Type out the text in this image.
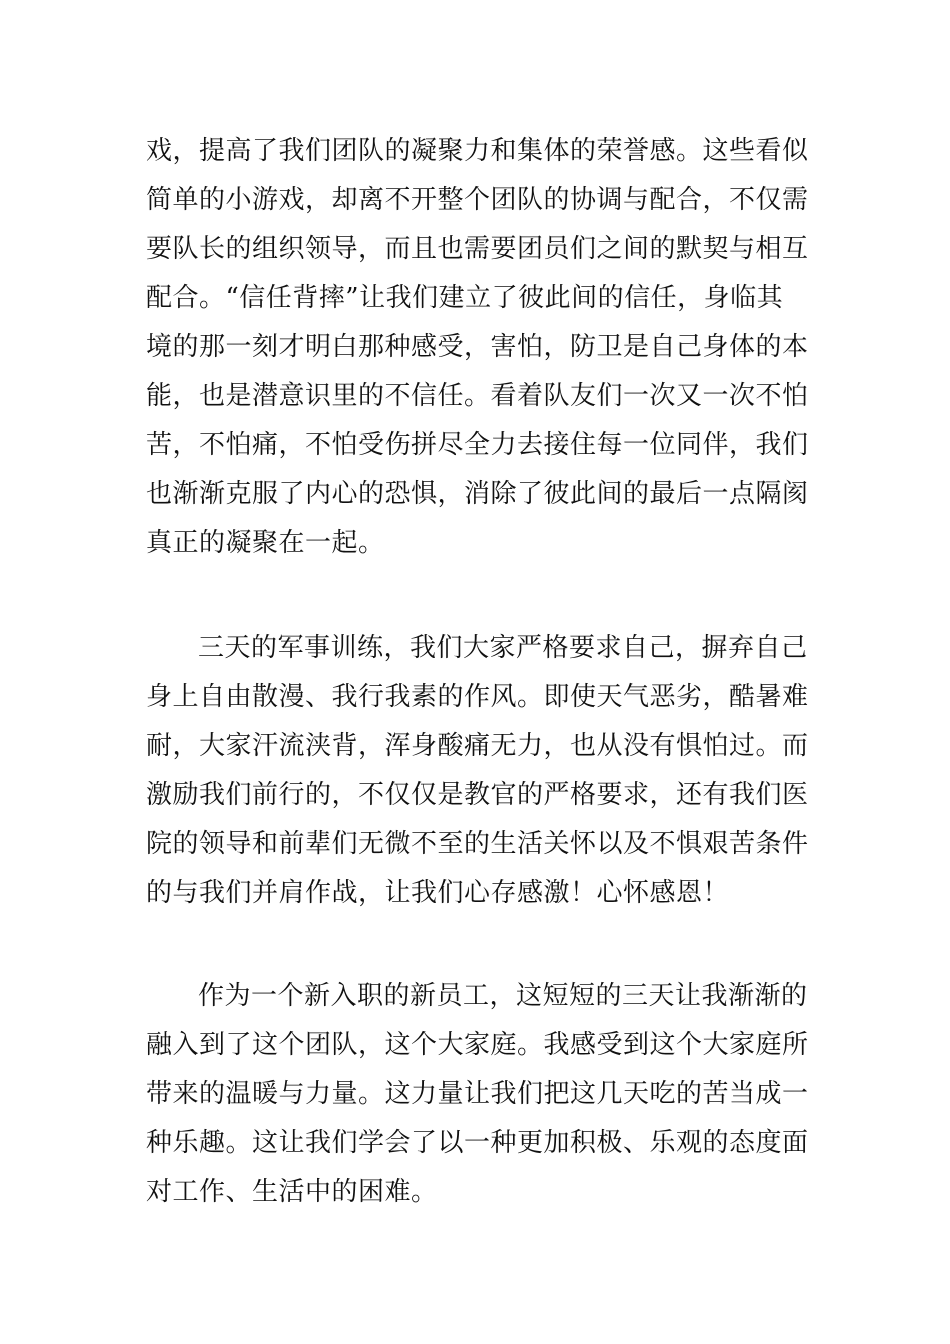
戏，提高了我们团队的凝聚力和集体的荣誉感。这些看似
简单的小游戏，却离不开整个团队的协调与配合，不仅需
要队长的组织领导，而且也需要团员们之间的默契与相互
配合。“信任背摔”让我们建立了彼此间的信任，身临其
境的那一刻才明白那种感受，害怕，防卫是自己身体的本
能，也是潜意识里的不信任。看着队友们一次又一次不怕
苦，不怕痛，不怕受伤拼尽全力去接住每一位同伴，我们
也渐渐克服了内心的恐惧，消除了彼此间的最后一点隔阂
真正的凝聚在一起。
三天的军事训练，我们大家严格要求自己，摒弃自己
身上自由散漫、我行我素的作风。即使天气恶劣，酷暑难
耐，大家汗流浃背，浑身酸痛无力，也从没有惧怕过。而
激励我们前行的，不仅仅是教官的严格要求，还有我们医
院的领导和前辈们无微不至的生活关怀以及不惧艰苦条件
的与我们并肩作战，让我们心存感激！心怀感恩！
作为一个新入职的新员工，这短短的三天让我渐渐的
融入到了这个团队，这个大家庭。我感受到这个大家庭所
带来的温暖与力量。这力量让我们把这几天吃的苦当成一
种乐趣。这让我们学会了以一种更加积极、乐观的态度面
对工作、生活中的困难。
